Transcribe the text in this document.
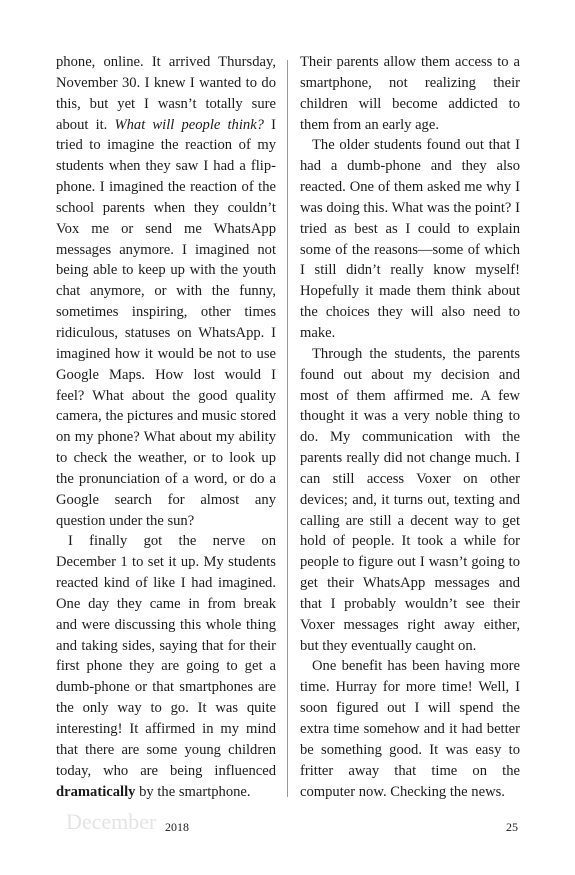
phone, online. It arrived Thursday, November 30. I knew I wanted to do this, but yet I wasn’t totally sure about it. What will people think? I tried to imagine the reaction of my students when they saw I had a flip-phone. I imagined the reaction of the school parents when they couldn’t Vox me or send me WhatsApp messages anymore. I imagined not being able to keep up with the youth chat anymore, or with the funny, sometimes inspiring, other times ridiculous, statuses on WhatsApp. I imagined how it would be not to use Google Maps. How lost would I feel? What about the good quality camera, the pictures and music stored on my phone? What about my ability to check the weather, or to look up the pronunciation of a word, or do a Google search for almost any question under the sun?

I finally got the nerve on December 1 to set it up. My students reacted kind of like I had imagined. One day they came in from break and were discussing this whole thing and taking sides, saying that for their first phone they are going to get a dumb-phone or that smartphones are the only way to go. It was quite interesting! It affirmed in my mind that there are some young children today, who are being influenced dramatically by the smartphone.

Their parents allow them access to a smartphone, not realizing their children will become addicted to them from an early age.

The older students found out that I had a dumb-phone and they also reacted. One of them asked me why I was doing this. What was the point? I tried as best as I could to explain some of the reasons—some of which I still didn’t really know myself! Hopefully it made them think about the choices they will also need to make.

Through the students, the parents found out about my decision and most of them affirmed me. A few thought it was a very noble thing to do. My communication with the parents really did not change much. I can still access Voxer on other devices; and, it turns out, texting and calling are still a decent way to get hold of people. It took a while for people to figure out I wasn’t going to get their WhatsApp messages and that I probably wouldn’t see their Voxer messages right away either, but they eventually caught on.

One benefit has been having more time. Hurray for more time! Well, I soon figured out I will spend the extra time somehow and it had better be something good. It was easy to fritter away that time on the computer now. Checking the news.

December 2018	25
